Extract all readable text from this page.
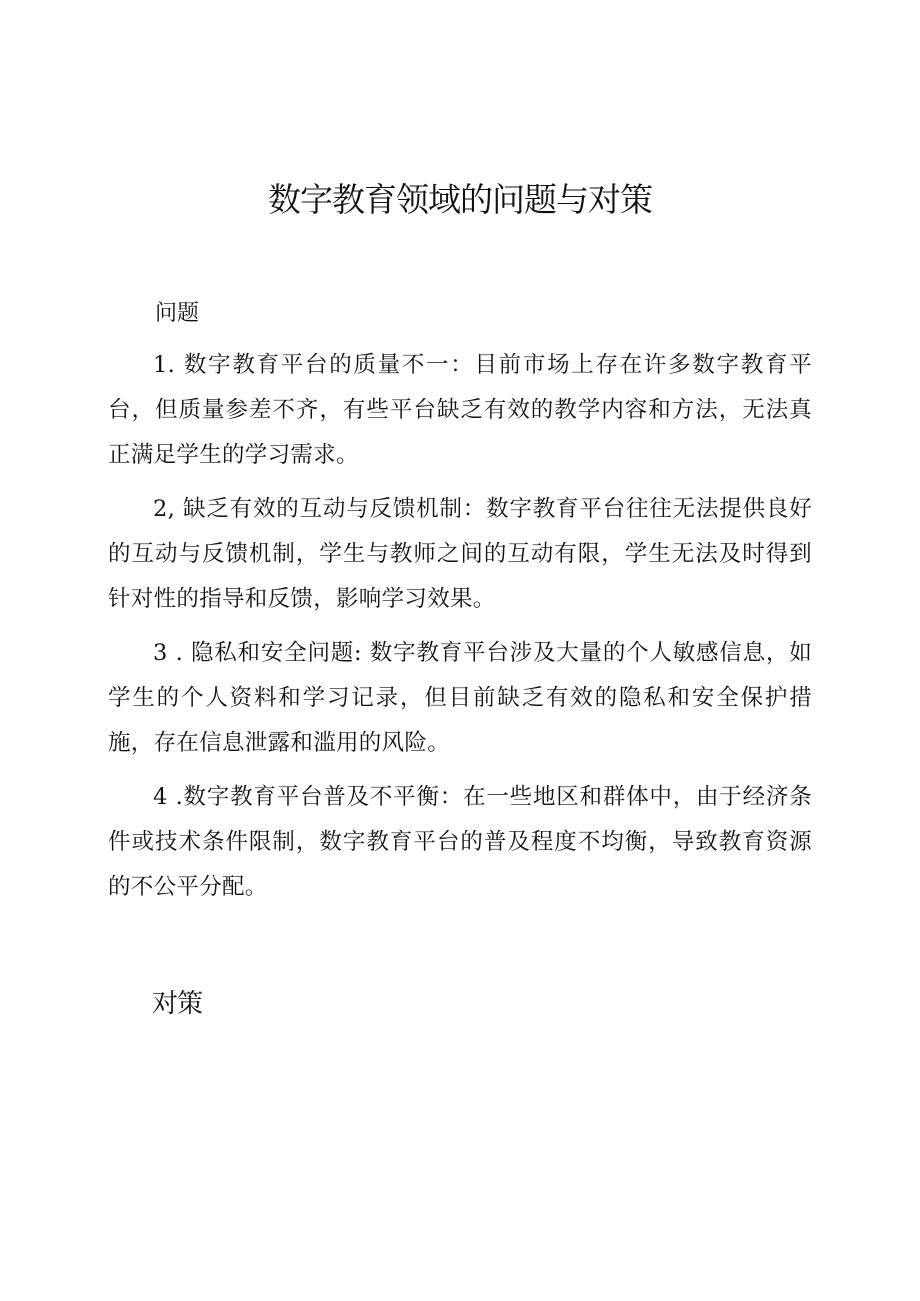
数字教育领域的问题与对策
问题

1. 数字教育平台的质量不一：目前市场上存在许多数字教育平台，但质量参差不齐，有些平台缺乏有效的教学内容和方法，无法真正满足学生的学习需求。

2, 缺乏有效的互动与反馈机制：数字教育平台往往无法提供良好的互动与反馈机制，学生与教师之间的互动有限，学生无法及时得到针对性的指导和反馈，影响学习效果。

3 . 隐私和安全问题: 数字教育平台涉及大量的个人敏感信息，如学生的个人资料和学习记录，但目前缺乏有效的隐私和安全保护措施，存在信息泄露和滥用的风险。

4 .数字教育平台普及不平衡：在一些地区和群体中，由于经济条件或技术条件限制，数字教育平台的普及程度不均衡，导致教育资源的不公平分配。

对策
